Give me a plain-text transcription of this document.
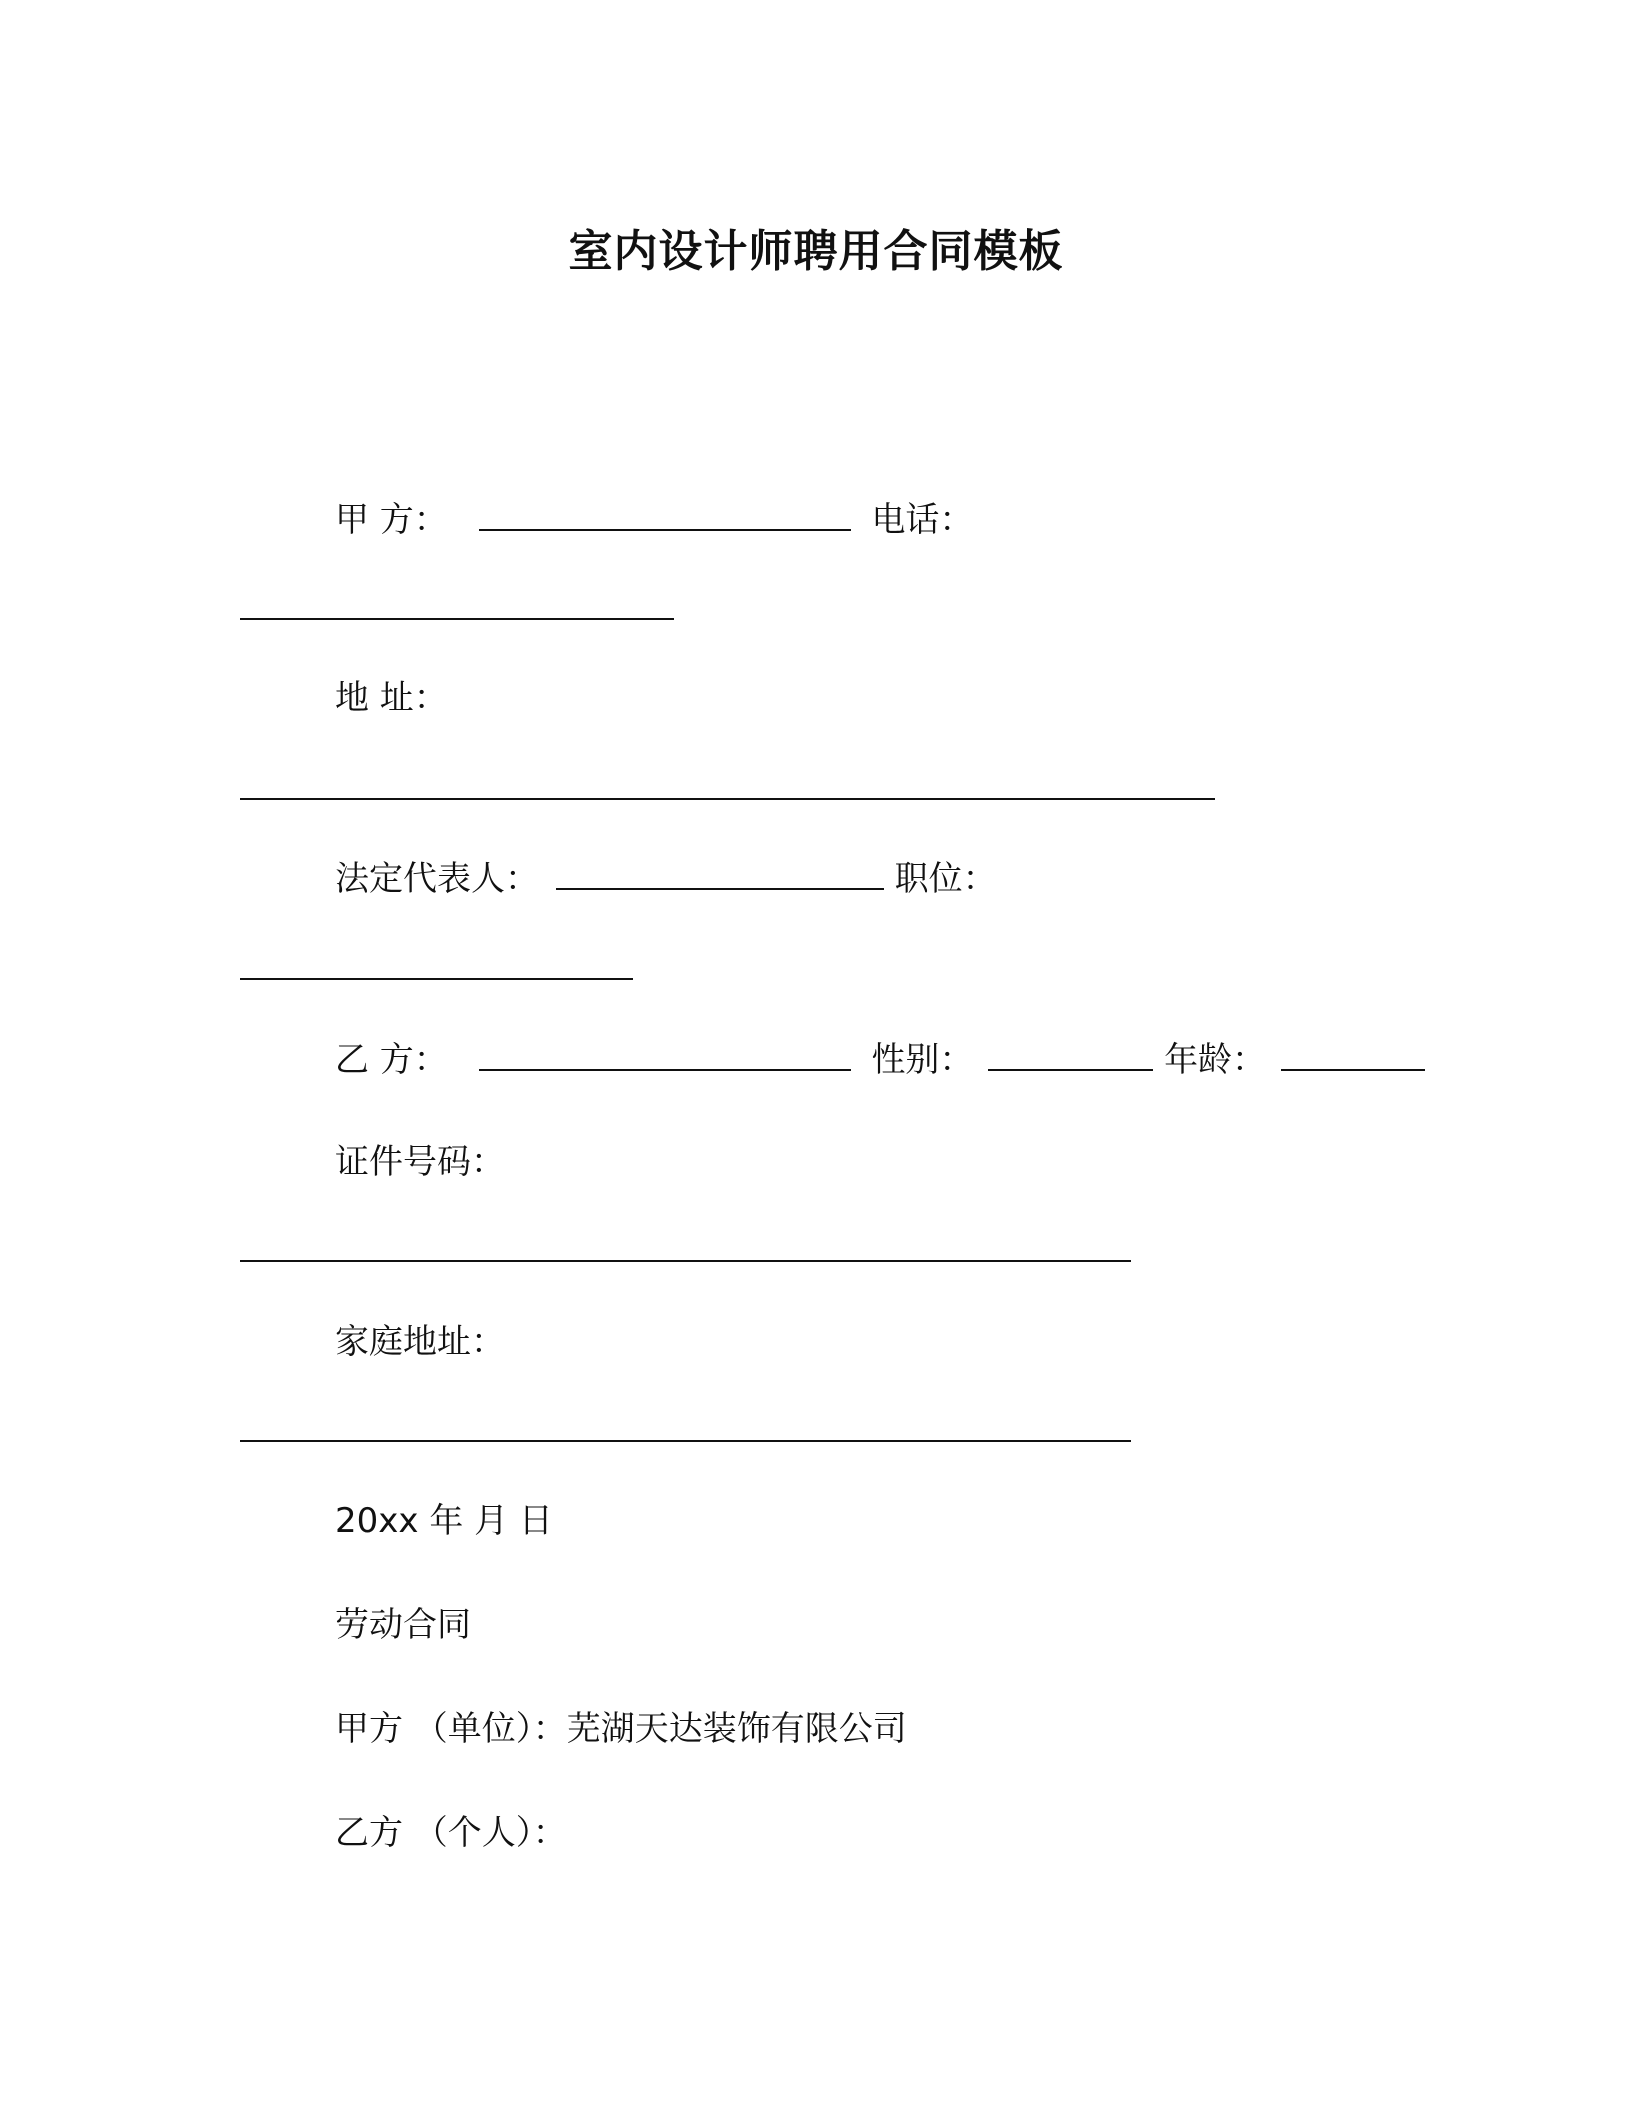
室内设计师聘用合同模板
甲 方：	电话：
地 址：
法定代表人：	职位：
乙 方：	性别：	年龄：
证件号码：
家庭地址：
20xx 年 月 日
劳动合同
甲方 （单位）：芜湖天达装饰有限公司
乙方 （个人）：
